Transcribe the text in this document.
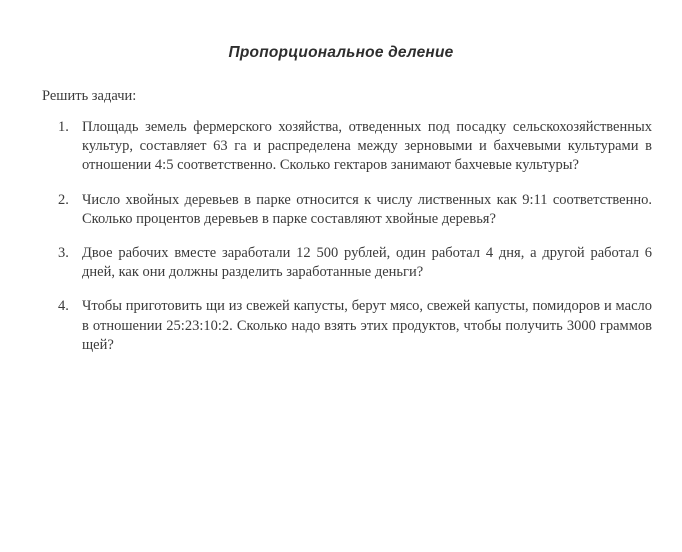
Пропорциональное деление
Решить задачи:
1. Площадь земель фермерского хозяйства, отведенных под посадку сельскохозяйственных культур, составляет 63 га и распределена между зерновыми и бахчевыми культурами в отношении 4:5 соответственно. Сколько гектаров занимают бахчевые культуры?
2. Число хвойных деревьев в парке относится к числу лиственных как 9:11 соответственно. Сколько процентов деревьев в парке составляют хвойные деревья?
3. Двое рабочих вместе заработали 12 500 рублей, один работал 4 дня, а другой работал 6 дней, как они должны разделить заработанные деньги?
4. Чтобы приготовить щи из свежей капусты, берут мясо, свежей капусты, помидоров и масло в отношении 25:23:10:2. Сколько надо взять этих продуктов, чтобы получить 3000 граммов щей?
